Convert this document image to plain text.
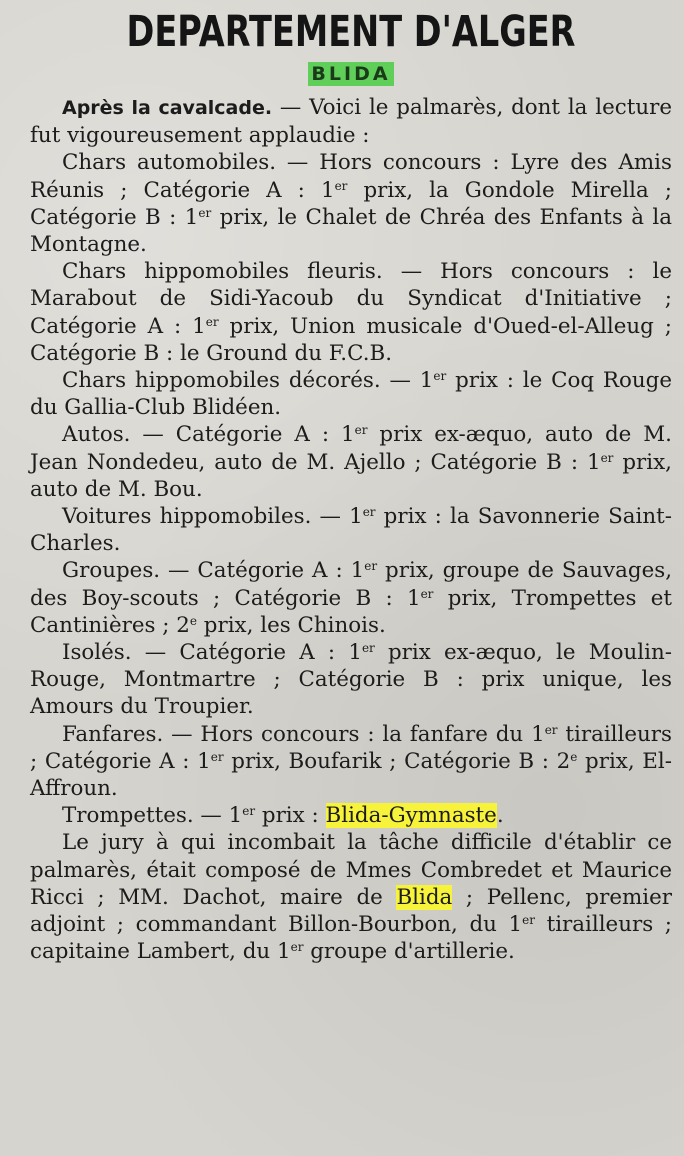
DEPARTEMENT D'ALGER
BLIDA

Après la cavalcade. — Voici le palmarès, dont la lecture fut vigoureusement applaudie :

Chars automobiles. — Hors concours : Lyre des Amis Réunis ; Catégorie A : 1er prix, la Gondole Mirella ; Catégorie B : 1er prix, le Chalet de Chréa des Enfants à la Montagne.

Chars hippomobiles fleuris. — Hors concours : le Marabout de Sidi-Yacoub du Syndicat d'Initiative ; Catégorie A : 1er prix, Union musicale d'Oued-el-Alleug ; Catégorie B : le Ground du F.C.B.

Chars hippomobiles décorés. — 1er prix : le Coq Rouge du Gallia-Club Blidéen.

Autos. — Catégorie A : 1er prix ex-æquo, auto de M. Jean Nondedeu, auto de M. Ajello ; Catégorie B : 1er prix, auto de M. Bou.

Voitures hippomobiles. — 1er prix : la Savonnerie Saint-Charles.

Groupes. — Catégorie A : 1er prix, groupe de Sauvages, des Boy-scouts ; Catégorie B : 1er prix, Trompettes et Cantinières ; 2e prix, les Chinois.

Isolés. — Catégorie A : 1er prix ex-æquo, le Moulin-Rouge, Montmartre ; Catégorie B : prix unique, les Amours du Troupier.

Fanfares. — Hors concours : la fanfare du 1er tirailleurs ; Catégorie A : 1er prix, Boufarik ; Catégorie B : 2e prix, El-Affroun.

Trompettes. — 1er prix : Blida-Gymnaste.

Le jury à qui incombait la tâche difficile d'établir ce palmarès, était composé de Mmes Combredet et Maurice Ricci ; MM. Dachot, maire de Blida ; Pellenc, premier adjoint ; commandant Billon-Bourbon, du 1er tirailleurs ; capitaine Lambert, du 1er groupe d'artillerie.
